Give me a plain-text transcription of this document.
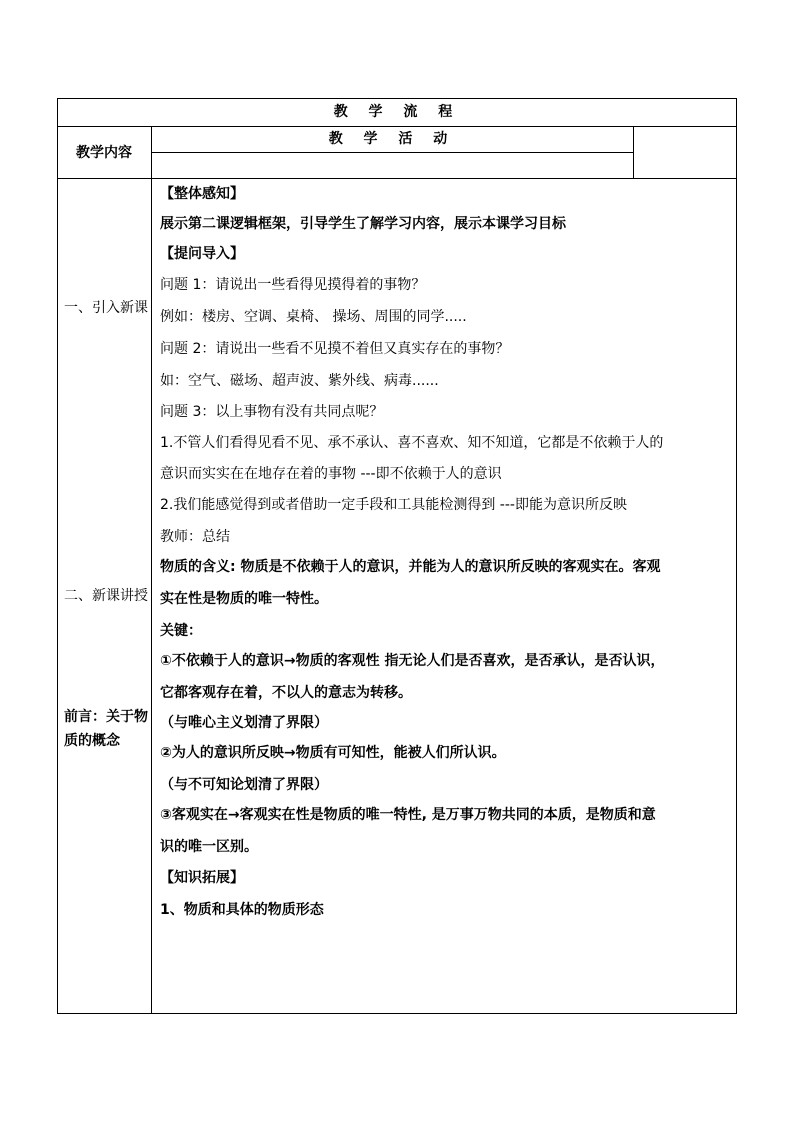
教 学 流 程
教学内容
教 学 活 动
一、引入新课
二、新课讲授
前言：关于物质的概念
【整体感知】
展示第二课逻辑框架，引导学生了解学习内容，展示本课学习目标
【提问导入】
问题 1：请说出一些看得见摸得着的事物？
例如：楼房、空调、桌椅、 操场、周围的同学.....
问题 2：请说出一些看不见摸不着但又真实存在的事物？
如：空气、磁场、超声波、紫外线、病毒......
问题 3：以上事物有没有共同点呢？
1.不管人们看得见看不见、承不承认、喜不喜欢、知不知道，它都是不依赖于人的
意识而实实在在地存在着的事物 ---即不依赖于人的意识
2.我们能感觉得到或者借助一定手段和工具能检测得到 ---即能为意识所反映
教师：总结
物质的含义: 物质是不依赖于人的意识，并能为人的意识所反映的客观实在。客观
实在性是物质的唯一特性。
关键：
①不依赖于人的意识→物质的客观性 指无论人们是否喜欢，是否承认，是否认识，
它都客观存在着，不以人的意志为转移。
（与唯心主义划清了界限）
②为人的意识所反映→物质有可知性，能被人们所认识。
（与不可知论划清了界限）
③客观实在→客观实在性是物质的唯一特性, 是万事万物共同的本质，是物质和意
识的唯一区别。
【知识拓展】
1、物质和具体的物质形态
